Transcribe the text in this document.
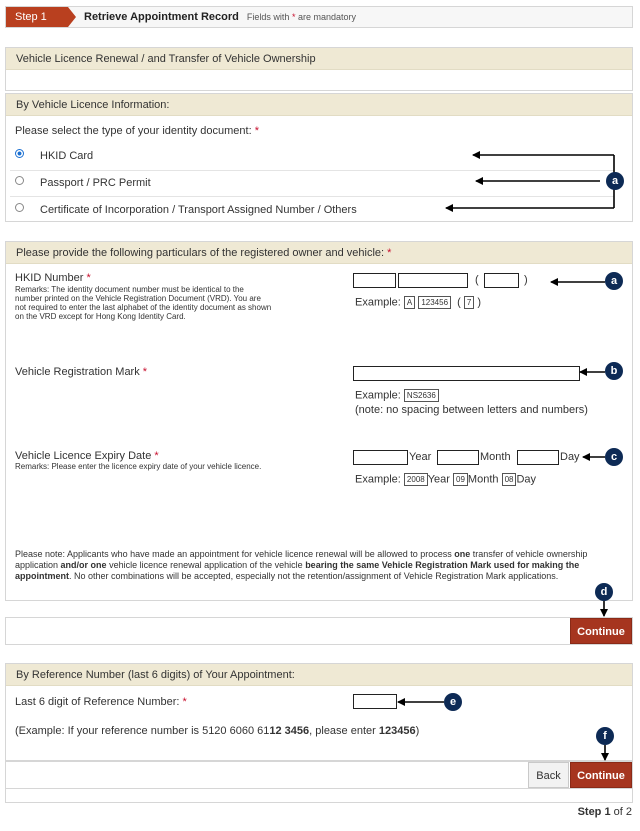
Step 1	Retrieve Appointment Record Fields with * are mandatory
Vehicle Licence Renewal / and Transfer of Vehicle Ownership
By Vehicle Licence Information:
Please select the type of your identity document: *
HKID Card
Passport / PRC Permit
Certificate of Incorporation / Transport Assigned Number / Others
Please provide the following particulars of the registered owner and vehicle: *
HKID Number *
Remarks: The identity document number must be identical to the number printed on the Vehicle Registration Document (VRD). You are not required to enter the last alphabet of the identity document as shown on the VRD except for Hong Kong Identity Card.
(	)
Example: A 123456 ( 7 )
Vehicle Registration Mark *
Example: NS2636
(note: no spacing between letters and numbers)
Vehicle Licence Expiry Date *
Remarks: Please enter the licence expiry date of your vehicle licence.
Year	Month	Day
Example: 2008 Year 09 Month 08 Day
Please note: Applicants who have made an appointment for vehicle licence renewal will be allowed to process one transfer of vehicle ownership application and/or one vehicle licence renewal application of the vehicle bearing the same Vehicle Registration Mark used for making the appointment. No other combinations will be accepted, especially not the retention/assignment of Vehicle Registration Mark applications.
Continue
By Reference Number (last 6 digits) of Your Appointment:
Last 6 digit of Reference Number: *
(Example: If your reference number is 5120 6060 6112 3456, please enter 123456)
Back	Continue
Step 1 of 2
a
a
b
c
d
e
f
